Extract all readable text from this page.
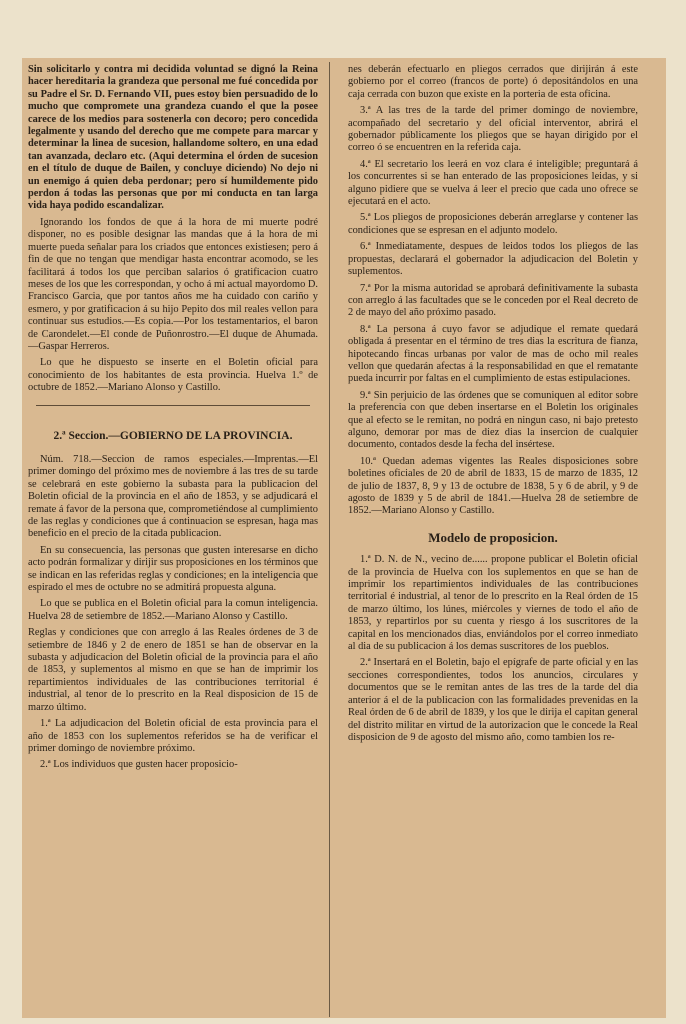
Sin solicitarlo y contra mi decidida voluntad se dignó la Reina hacer hereditaria la grandeza que personal me fué concedida por su Padre el Sr. D. Fernando VII, pues estoy bien persuadido de lo mucho que compromete una grandeza cuando el que la posee carece de los medios para sostenerla con decoro; pero concedida legalmente y usando del derecho que me compete para marcar y determinar la linea de sucesion, hallandome soltero, en una edad tan avanzada, declaro etc. (Aqui determina el órden de sucesion en el título de duque de Bailen, y concluye diciendo) No dejo ni un enemigo á quien deba perdonar; pero sí humildemente pido perdon á todas las personas que por mi conducta en tan larga vida haya podido escandalizar.

Ignorando los fondos de que á la hora de mi muerte podré disponer, no es posible designar las mandas que á la hora de mi muerte pueda señalar para los criados que entonces existiesen; pero á fin de que no tengan que mendigar hasta encontrar acomodo, se les facilitará á todos los que perciban salarios ó gratificacion cuatro meses de los que les correspondan, y ocho á mi actual mayordomo D. Francisco Garcia, que por tantos años me ha cuidado con cariño y esmero, y por gratificacion á su hijo Pepito dos mil reales vellon para continuar sus estudios.—Es copia.—Por los testamentarios, el baron de Carondelet.—El conde de Puñonrostro.—El duque de Ahumada.—Gaspar Herreros.

Lo que he dispuesto se inserte en el Boletin oficial para conocimiento de los habitantes de esta provincia. Huelva 1.º de octubre de 1852.—Mariano Alonso y Castillo.

2.ª Seccion.—GOBIERNO DE LA PROVINCIA.

Núm. 718.—Seccion de ramos especiales.—Imprentas.—El primer domingo del próximo mes de noviembre á las tres de su tarde se celebrará en este gobierno la subasta para la publicacion del Boletin oficial de la provincia en el año de 1853, y se adjudicará el remate á favor de la persona que, comprometiéndose al cumplimiento de las reglas y condiciones que á continuacion se espresan, haga mas beneficio en el precio de la citada publicacion.

En su consecuencia, las personas que gusten interesarse en dicho acto podrán formalizar y dirijir sus proposiciones en los términos que se indican en las referidas reglas y condiciones; en la inteligencia que espirado el mes de octubre no se admitirá propuesta alguna.

Lo que se publica en el Boletin oficial para la comun inteligencia. Huelva 28 de setiembre de 1852.—Mariano Alonso y Castillo.

Reglas y condiciones que con arreglo á las Reales órdenes de 3 de setiembre de 1846 y 2 de enero de 1851 se han de observar en la subasta y adjudicacion del Boletin oficial de la provincia para el año de 1853, y suplementos al mismo en que se han de imprimir los repartimientos individuales de las contribuciones territorial é industrial, al tenor de lo prescrito en la Real disposicion de 15 de marzo último.

1.ª La adjudicacion del Boletin oficial de esta provincia para el año de 1853 con los suplementos referidos se ha de verificar el primer domingo de noviembre próximo.

2.ª Los individuos que gusten hacer proposicio-

nes deberán efectuarlo en pliegos cerrados que dirijirán á este gobierno por el correo (francos de porte) ó depositándolos en una caja cerrada con buzon que existe en la porteria de esta oficina.

3.ª A las tres de la tarde del primer domingo de noviembre, acompañado del secretario y del oficial interventor, abrirá el gobernador públicamente los pliegos que se hayan dirigido por el correo ó se encuentren en la referida caja.

4.ª El secretario los leerá en voz clara é inteligible; preguntará á los concurrentes si se han enterado de las proposiciones leidas, y si alguno pidiere que se vuelva á leer el precio que cada uno ofrece se ejecutará en el acto.

5.ª Los pliegos de proposiciones deberán arreglarse y contener las condiciones que se espresan en el adjunto modelo.

6.ª Inmediatamente, despues de leidos todos los pliegos de las propuestas, declarará el gobernador la adjudicacion del Boletin y suplementos.

7.ª Por la misma autoridad se aprobará definitivamente la subasta con arreglo á las facultades que se le conceden por el Real decreto de 2 de mayo del año próximo pasado.

8.ª La persona á cuyo favor se adjudique el remate quedará obligada á presentar en el término de tres dias la escritura de fianza, hipotecando fincas urbanas por valor de mas de ocho mil reales vellon que quedarán afectas á la responsabilidad en que el rematante pueda incurrir por faltas en el cumplimiento de estas estipulaciones.

9.ª Sin perjuicio de las órdenes que se comuniquen al editor sobre la preferencia con que deben insertarse en el Boletin los originales que al efecto se le remitan, no podrá en ningun caso, ni bajo pretesto alguno, demorar por mas de diez dias la insercion de cualquier documento, contados desde la fecha del insértese.

10.ª Quedan ademas vigentes las Reales disposiciones sobre boletines oficiales de 20 de abril de 1833, 15 de marzo de 1835, 12 de julio de 1837, 8, 9 y 13 de octubre de 1838, 5 y 6 de abril, y 9 de agosto de 1839 y 5 de abril de 1841.—Huelva 28 de setiembre de 1852.—Mariano Alonso y Castillo.

Modelo de proposicion.

1.ª D. N. de N., vecino de...... propone publicar el Boletin oficial de la provincia de Huelva con los suplementos en que se han de imprimir los repartimientos individuales de las contribuciones territorial é industrial, al tenor de lo prescrito en la Real órden de 15 de marzo último, los lúnes, miércoles y viernes de todo el año de 1853, y repartirlos por su cuenta y riesgo á los suscritores de la capital en los mencionados dias, enviándolos por el correo inmediato al dia de su publicacion á los demas suscritores de los pueblos.

2.ª Insertará en el Boletin, bajo el epígrafe de parte oficial y en las secciones correspondientes, todos los anuncios, circulares y documentos que se le remitan antes de las tres de la tarde del dia anterior á el de la publicacion con las formalidades prevenidas en la Real órden de 6 de abril de 1839, y los que le dirija el capitan general del distrito militar en virtud de la autorizacion que le concede la Real disposicion de 9 de agosto del mismo año, como tambien los re-
